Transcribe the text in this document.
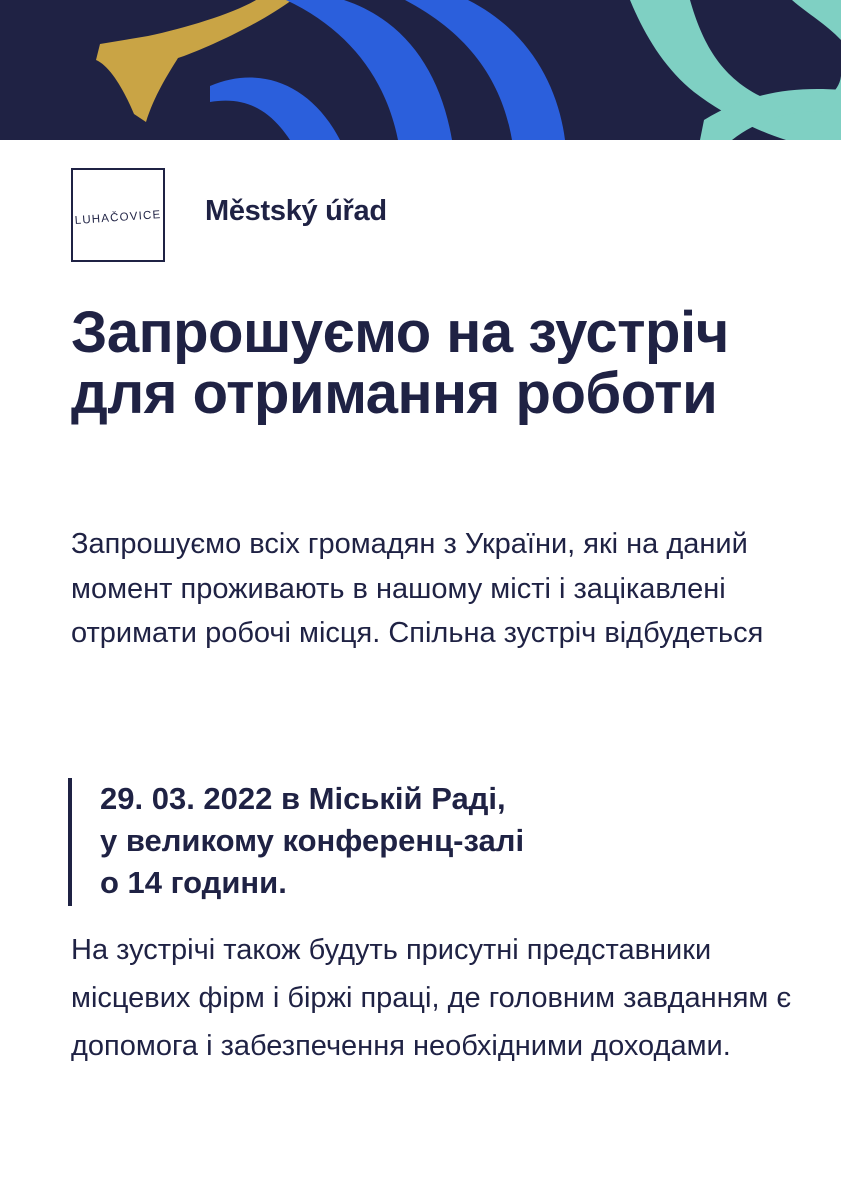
LUHAČOVICE Městský úřad
Запрошуємо на зустріч для отримання роботи

Запрошуємо всіх громадян з України, які на даний момент проживають в нашому місті і зацікавлені отримати робочі місця. Спільна зустріч відбудеться

29. 03. 2022 в Міській Раді,
у великому конференц-залі
о 14 години.

На зустрічі також будуть присутні представники місцевих фірм і біржі праці, де головним завданням є допомога і забезпечення необхідними доходами.
